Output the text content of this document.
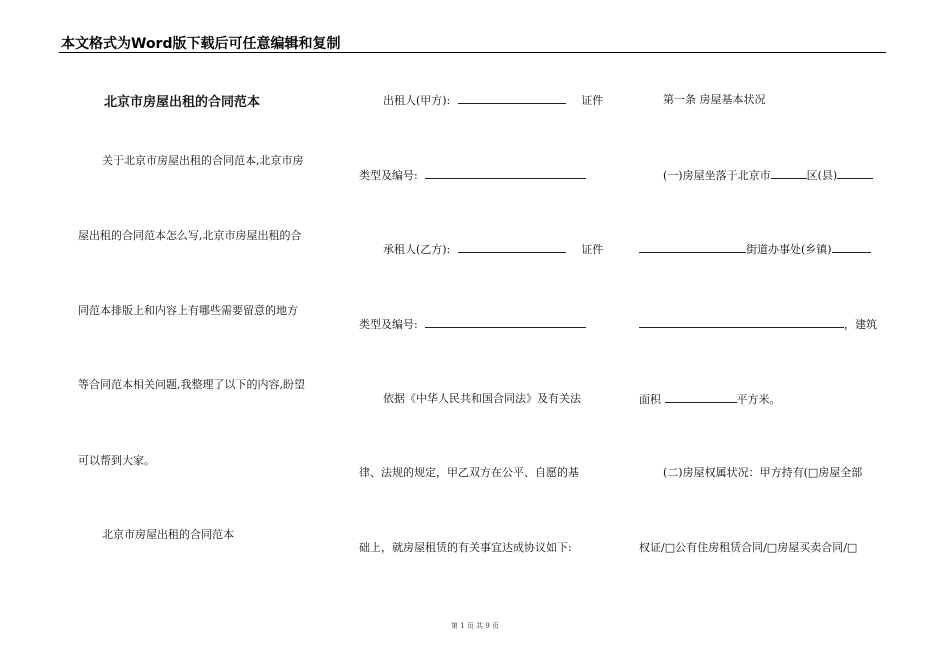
本文格式为Word版下载后可任意编辑和复制
北京市房屋出租的合同范本
关于北京市房屋出租的合同范本,北京市房
屋出租的合同范本怎么写,北京市房屋出租的合
同范本排版上和内容上有哪些需要留意的地方
等合同范本相关问题,我整理了以下的内容,盼望
可以帮到大家。
北京市房屋出租的合同范本
出租人(甲方):	证件
类型及编号:
承租人(乙方):	证件
类型及编号:
依据《中华人民共和国合同法》及有关法
律、法规的规定，甲乙双方在公平、自愿的基
础上，就房屋租赁的有关事宜达成协议如下:
第一条 房屋基本状况
(一)房屋坐落于北京市	区(县)
街道办事处(乡镇)
，建筑
面积	平方米。
(二)房屋权属状况：甲方持有(□房屋全部
权证/□公有住房租赁合同/□房屋买卖合同/□
第 1 页 共 9 页
